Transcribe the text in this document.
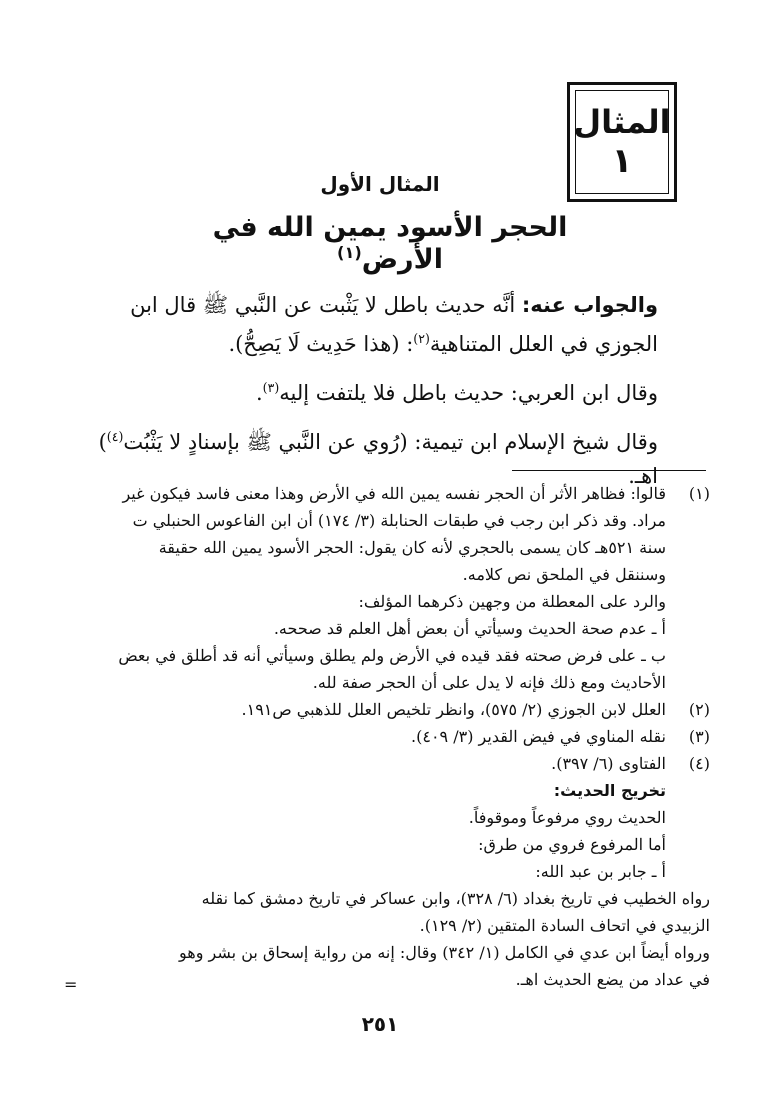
المثال
١
المثال الأول
الحجر الأسود يمين الله في الأرض$^{(١)}$

والجواب عنه: أنَّه حديث باطل لا يَثْبت عن النَّبي ﷺ قال ابن الجوزي في العلل المتناهية$^{(٢)}$: (هذا حَدِيث لَا يَصِحُّ).

وقال ابن العربي: حديث باطل فلا يلتفت إليه$^{(٣)}$.

وقال شيخ الإسلام ابن تيمية: (رُوي عن النَّبي ﷺ بإسنادٍ لا يَثْبُت$^{(٤)}$) اهـ.

(١)

قالوا: فظاهر الأثر أن الحجر نفسه يمين الله في الأرض وهذا معنى فاسد فيكون غير

مراد. وقد ذكر ابن رجب في طبقات الحنابلة (٣/ ١٧٤) أن ابن الفاعوس الحنبلي ت

سنة ٥٢١هـ كان يسمى بالحجري لأنه كان يقول: الحجر الأسود يمين الله حقيقة

وسننقل في الملحق نص كلامه.

والرد على المعطلة من وجهين ذكرهما المؤلف:

أ ـ عدم صحة الحديث وسيأتي أن بعض أهل العلم قد صححه.

ب ـ على فرض صحته فقد قيده في الأرض ولم يطلق وسيأتي أنه قد أطلق في بعض

الأحاديث ومع ذلك فإنه لا يدل على أن الحجر صفة لله.

(٢)
العلل لابن الجوزي (٢/ ٥٧٥)، وانظر تلخيص العلل للذهبي ص١٩١.
(٣)
نقله المناوي في فيض القدير (٣/ ٤٠٩).
(٤)
الفتاوى (٦/ ٣٩٧).

تخريج الحديث:

الحديث روي مرفوعاً وموقوفاً.

أما المرفوع فروي من طرق:

أ ـ جابر بن عبد الله:

رواه الخطيب في تاريخ بغداد (٦/ ٣٢٨)، وابن عساكر في تاريخ دمشق كما نقله

الزبيدي في اتحاف السادة المتقين (٢/ ١٢٩).

ورواه أيضاً ابن عدي في الكامل (١/ ٣٤٢) وقال: إنه من رواية إسحاق بن بشر وهو

في عداد من يضع الحديث اهـ.

=
٢٥١
